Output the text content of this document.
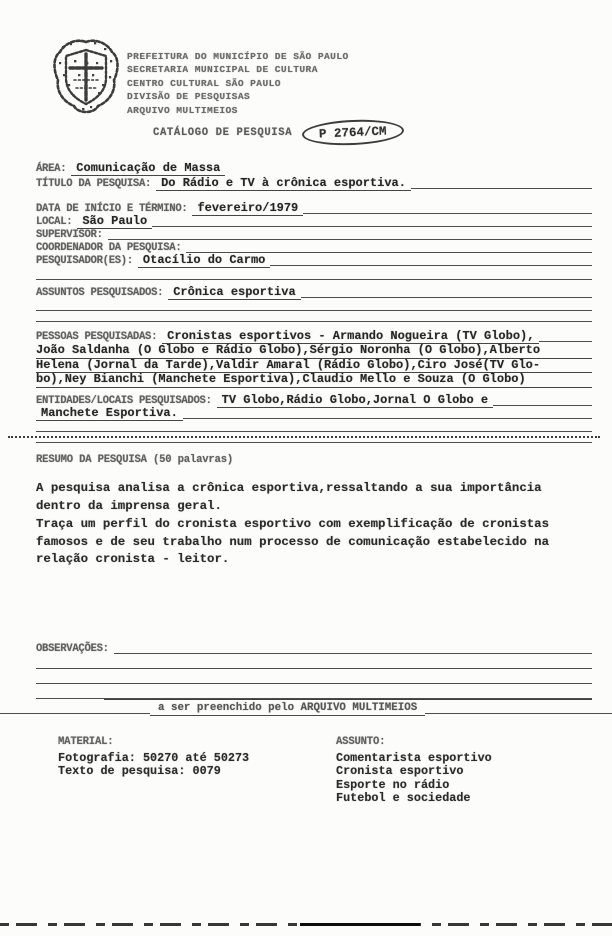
PREFEITURA DO MUNICÍPIO DE SÃO PAULO
SECRETARIA MUNICIPAL DE CULTURA
CENTRO CULTURAL SÃO PAULO
DIVISÃO DE PESQUISAS
ARQUIVO MULTIMEIOS
CATÁLOGO DE PESQUISA	P 2764/CM
ÁREA: Comunicação de Massa
TÍTULO DA PESQUISA: Do Rádio e TV à crônica esportiva.
DATA DE INÍCIO E TÉRMINO: fevereiro/1979
LOCAL: São Paulo
SUPERVISOR:
COORDENADOR DA PESQUISA:
PESQUISADOR(ES): Otacílio do Carmo
ASSUNTOS PESQUISADOS: Crônica esportiva
PESSOAS PESQUISADAS: Cronistas esportivos - Armando Nogueira (TV Globo),
João Saldanha (O Globo e Rádio Globo),Sérgio Noronha (O Globo),Alberto
Helena (Jornal da Tarde),Valdir Amaral (Rádio Globo),Ciro José(TV Glo-
bo),Ney Bianchi (Manchete Esportiva),Claudio Mello e Souza (O Globo)
ENTIDADES/LOCAIS PESQUISADOS: TV Globo,Rádio Globo,Jornal O Globo e
Manchete Esportiva.
RESUMO DA PESQUISA (50 palavras)

A pesquisa analisa a crônica esportiva,ressaltando a sua importância dentro da imprensa geral.

Traça um perfil do cronista esportivo com exemplificação de cronistas famosos e de seu trabalho num processo de comunicação estabelecido na relação cronista - leitor.

OBSERVAÇÕES:
a ser preenchido pelo ARQUIVO MULTIMEIOS
MATERIAL:
Fotografia: 50270 até 50273
Texto de pesquisa: 0079
ASSUNTO:
Comentarista esportivo
Cronista esportivo
Esporte no rádio
Futebol e sociedade
